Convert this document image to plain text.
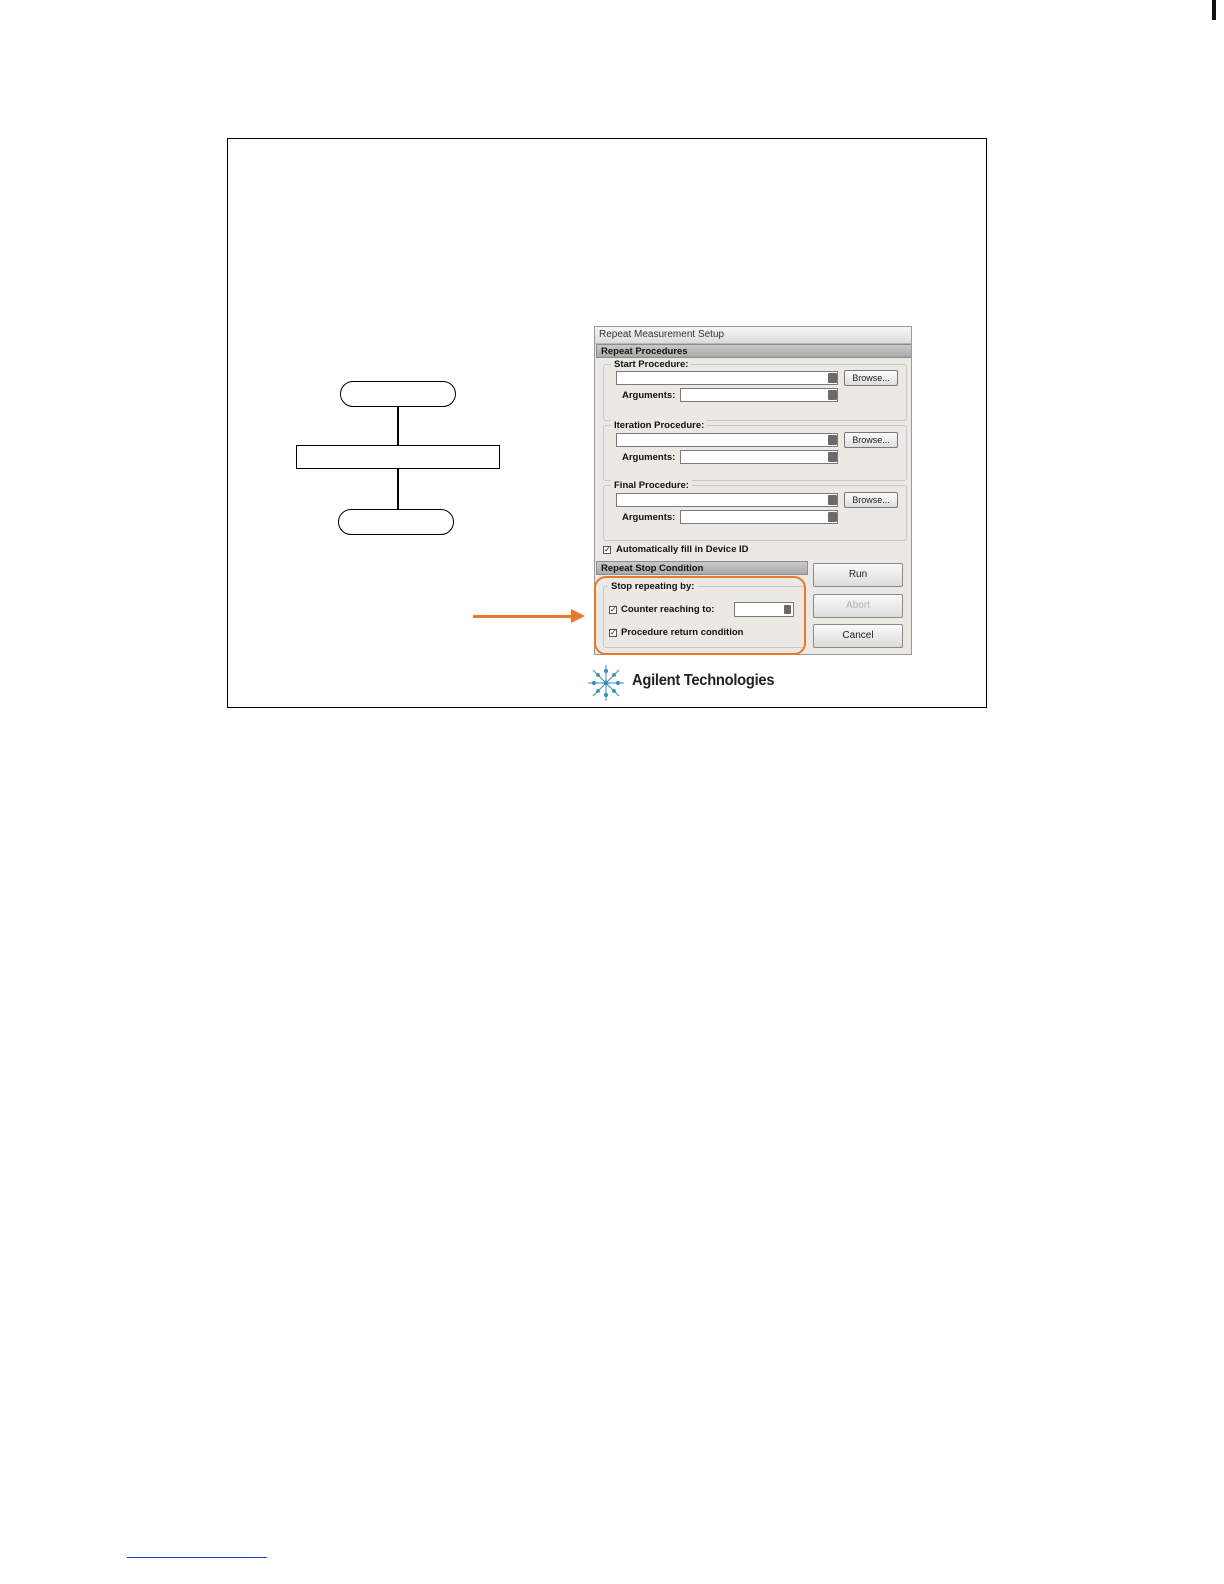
Repeat Measurement Setup
Repeat Procedures
Start Procedure:
Browse...
Arguments:
Iteration Procedure:
Browse...
Arguments:
Final Procedure:
Browse...
Arguments:
✓ Automatically fill in Device ID
Repeat Stop Condition
Stop repeating by:
✓ Counter reaching to:
✓ Procedure return condition
Run
Abort
Cancel
Agilent Technologies
